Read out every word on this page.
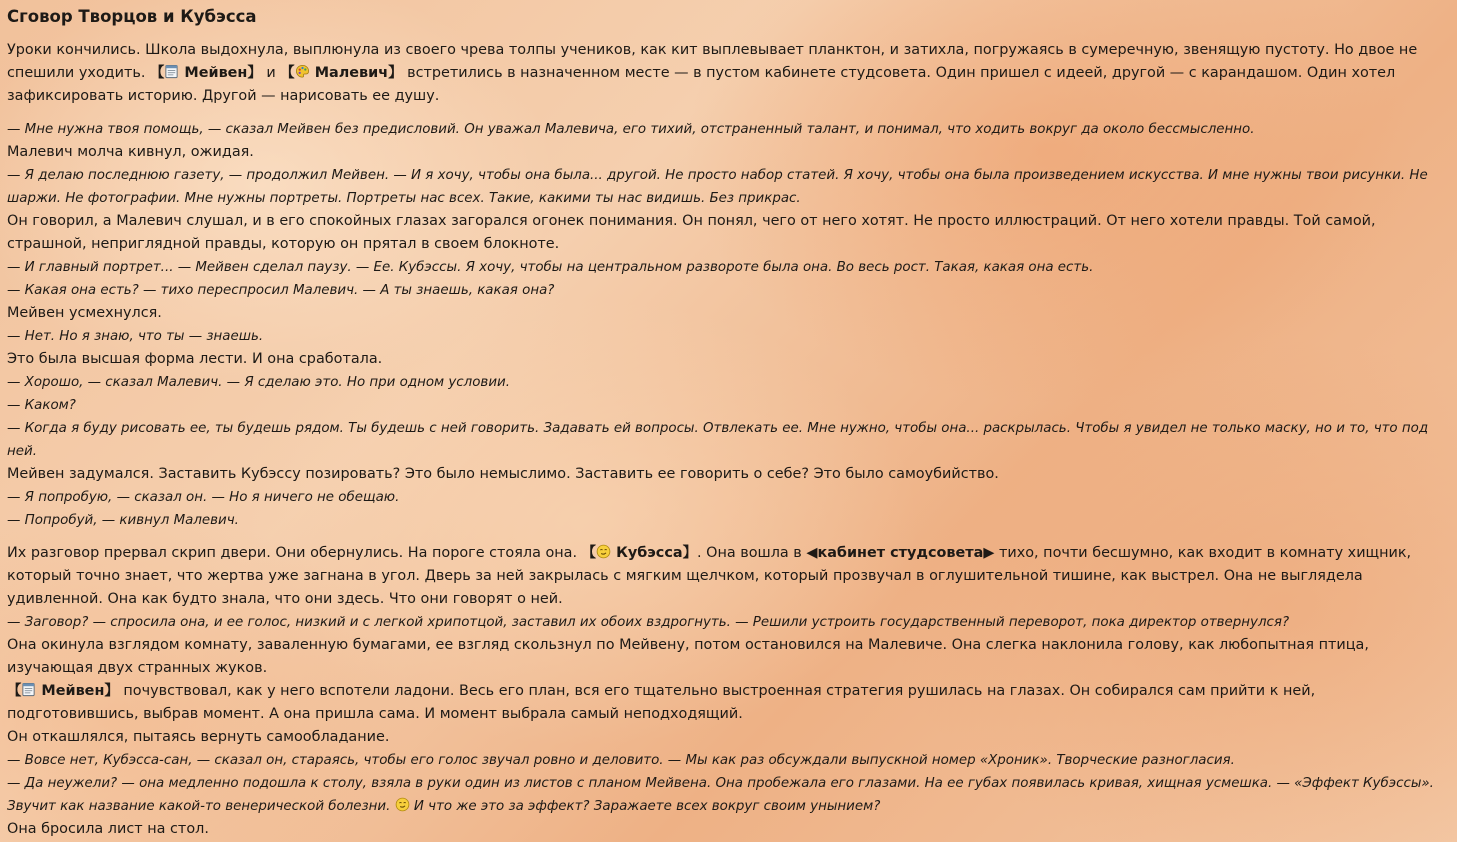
Сговор Творцов и Кубэсса

Уроки кончились. Школа выдохнула, выплюнула из своего чрева толпы учеников, как кит выплевывает планктон, и затихла, погружаясь в сумеречную, звенящую пустоту. Но двое не спешили уходить. 【 Мейвен】 и 【 Малевич】 встретились в назначенном месте — в пустом кабинете студсовета. Один пришел с идеей, другой — с карандашом. Один хотел зафиксировать историю. Другой — нарисовать ее душу.

— Мне нужна твоя помощь, — сказал Мейвен без предисловий. Он уважал Малевича, его тихий, отстраненный талант, и понимал, что ходить вокруг да около бессмысленно.

Малевич молча кивнул, ожидая.

— Я делаю последнюю газету, — продолжил Мейвен. — И я хочу, чтобы она была... другой. Не просто набор статей. Я хочу, чтобы она была произведением искусства. И мне нужны твои рисунки. Не шаржи. Не фотографии. Мне нужны портреты. Портреты нас всех. Такие, какими ты нас видишь. Без прикрас.

Он говорил, а Малевич слушал, и в его спокойных глазах загорался огонек понимания. Он понял, чего от него хотят. Не просто иллюстраций. От него хотели правды. Той самой, страшной, неприглядной правды, которую он прятал в своем блокноте.

— И главный портрет... — Мейвен сделал паузу. — Ее. Кубэссы. Я хочу, чтобы на центральном развороте была она. Во весь рост. Такая, какая она есть.

— Какая она есть? — тихо переспросил Малевич. — А ты знаешь, какая она?

Мейвен усмехнулся.

— Нет. Но я знаю, что ты — знаешь.

Это была высшая форма лести. И она сработала.

— Хорошо, — сказал Малевич. — Я сделаю это. Но при одном условии.

— Каком?

— Когда я буду рисовать ее, ты будешь рядом. Ты будешь с ней говорить. Задавать ей вопросы. Отвлекать ее. Мне нужно, чтобы она... раскрылась. Чтобы я увидел не только маску, но и то, что под ней.

Мейвен задумался. Заставить Кубэссу позировать? Это было немыслимо. Заставить ее говорить о себе? Это было самоубийство.

— Я попробую, — сказал он. — Но я ничего не обещаю.

— Попробуй, — кивнул Малевич.

Их разговор прервал скрип двери. Они обернулись. На пороге стояла она. 【 Кубэсса】. Она вошла в ◀кабинет студсовета▶ тихо, почти бесшумно, как входит в комнату хищник, который точно знает, что жертва уже загнана в угол. Дверь за ней закрылась с мягким щелчком, который прозвучал в оглушительной тишине, как выстрел. Она не выглядела удивленной. Она как будто знала, что они здесь. Что они говорят о ней.

— Заговор? — спросила она, и ее голос, низкий и с легкой хрипотцой, заставил их обоих вздрогнуть. — Решили устроить государственный переворот, пока директор отвернулся?

Она окинула взглядом комнату, заваленную бумагами, ее взгляд скользнул по Мейвену, потом остановился на Малевиче. Она слегка наклонила голову, как любопытная птица, изучающая двух странных жуков.

【 Мейвен】 почувствовал, как у него вспотели ладони. Весь его план, вся его тщательно выстроенная стратегия рушилась на глазах. Он собирался сам прийти к ней, подготовившись, выбрав момент. А она пришла сама. И момент выбрала самый неподходящий.

Он откашлялся, пытаясь вернуть самообладание.

— Вовсе нет, Кубэсса-сан, — сказал он, стараясь, чтобы его голос звучал ровно и деловито. — Мы как раз обсуждали выпускной номер «Хроник». Творческие разногласия.

— Да неужели? — она медленно подошла к столу, взяла в руки один из листов с планом Мейвена. Она пробежала его глазами. На ее губах появилась кривая, хищная усмешка. — «Эффект Кубэссы». Звучит как название какой-то венерической болезни.  И что же это за эффект? Заражаете всех вокруг своим унынием?

Она бросила лист на стол.
